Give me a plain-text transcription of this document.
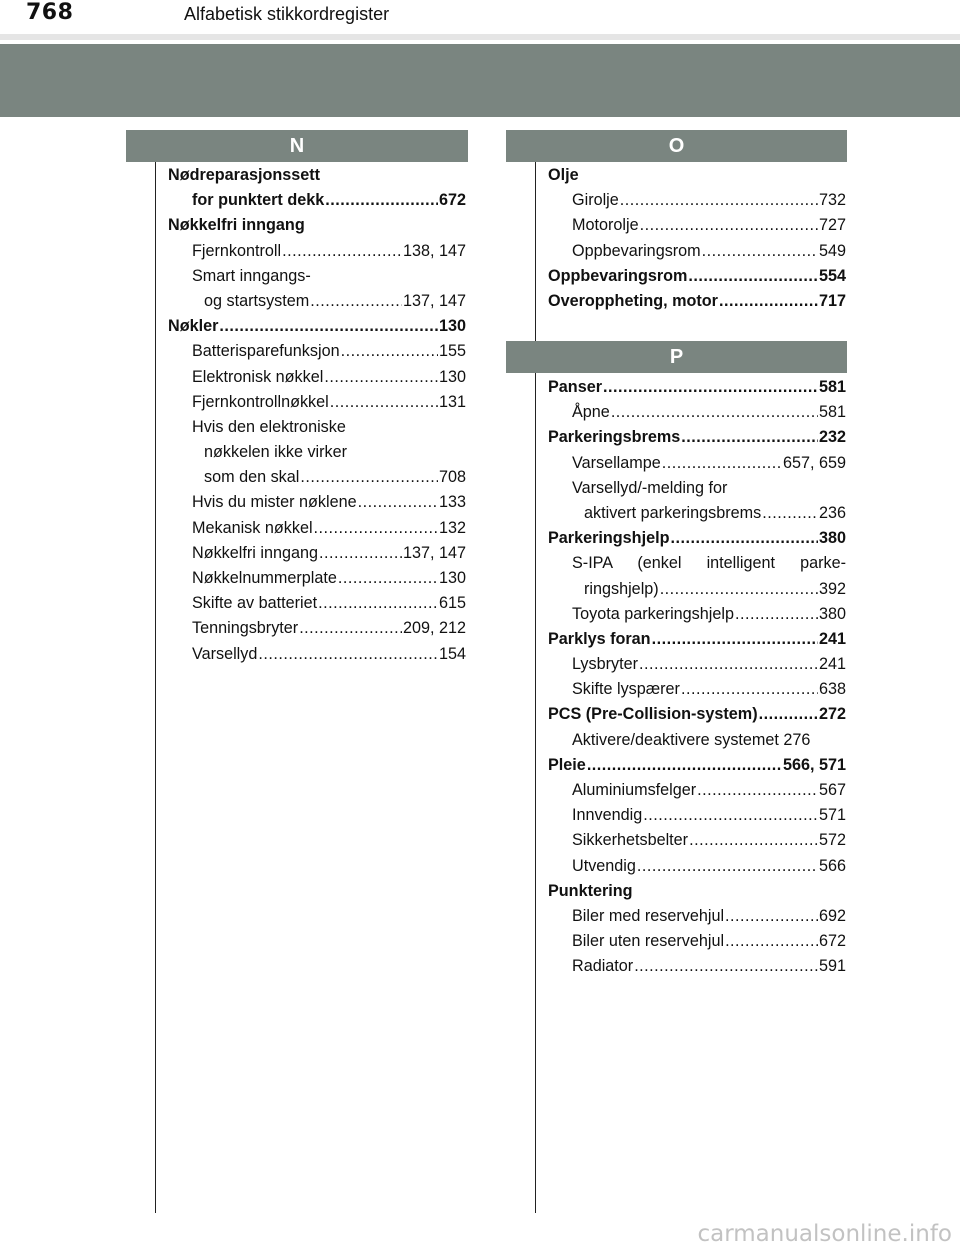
768	Alfabetisk stikkordregister
N	O
P
Nødreparasjonssett
for punktert dekk .....	672
Nøkkelfri inngang
Fjernkontroll .....	138, 147
Smart inngangs-
og startsystem .....	137, 147
Nøkler .....	130
Batterisparefunksjon .....	155
Elektronisk nøkkel .....	130
Fjernkontrollnøkkel .....	131
Hvis den elektroniske
nøkkelen ikke virker
som den skal .....	708
Hvis du mister nøklene .....	133
Mekanisk nøkkel .....	132
Nøkkelfri inngang .....	137, 147
Nøkkelnummerplate .....	130
Skifte av batteriet .....	615
Tenningsbryter .....	209, 212
Varsellyd .....	154
Olje
Girolje .....	732
Motorolje .....	727
Oppbevaringsrom .....	549
Oppbevaringsrom .....	554
Overoppheting, motor .....	717
Panser .....	581
Åpne .....	581
Parkeringsbrems .....	232
Varsellampe .....	657, 659
Varsellyd/-melding for
aktivert parkeringsbrems .....	236
Parkeringshjelp .....	380
S-IPA (enkel intelligent parke-
ringshjelp) .....	392
Toyota parkeringshjelp .....	380
Parklys foran .....	241
Lysbryter .....	241
Skifte lyspærer .....	638
PCS (Pre-Collision-system) .....	272
Aktivere/deaktivere systemet 276
Pleie .....	566, 571
Aluminiumsfelger .....	567
Innvendig .....	571
Sikkerhetsbelter .....	572
Utvendig .....	566
Punktering
Biler med reservehjul .....	692
Biler uten reservehjul .....	672
Radiator .....	591
carmanualsonline.info
